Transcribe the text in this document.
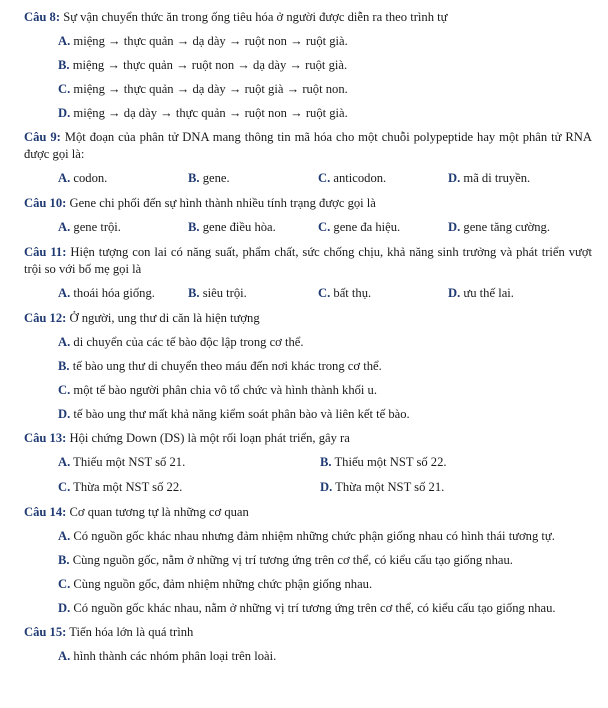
Câu 8: Sự vận chuyển thức ăn trong ống tiêu hóa ở người được diễn ra theo trình tự

A. miệng → thực quản → dạ dày → ruột non → ruột già.

B. miệng → thực quản → ruột non → dạ dày → ruột già.

C. miệng → thực quản → dạ dày → ruột già → ruột non.

D. miệng → dạ dày → thực quản → ruột non → ruột già.

Câu 9: Một đoạn của phân tử DNA mang thông tin mã hóa cho một chuỗi polypeptide hay một phân tử RNA được gọi là:

A. codon.	B. gene.	C. anticodon.	D. mã di truyền.

Câu 10: Gene chi phối đến sự hình thành nhiều tính trạng được gọi là

A. gene trội.	B. gene điều hòa.	C. gene đa hiệu.	D. gene tăng cường.

Câu 11: Hiện tượng con lai có năng suất, phẩm chất, sức chống chịu, khả năng sinh trưởng và phát triển vượt trội so với bố mẹ gọi là

A. thoái hóa giống.	B. siêu trội.	C. bất thụ.	D. ưu thế lai.

Câu 12: Ở người, ung thư di căn là hiện tượng

A. di chuyển của các tế bào độc lập trong cơ thể.

B. tế bào ung thư di chuyển theo máu đến nơi khác trong cơ thể.

C. một tế bào người phân chia vô tổ chức và hình thành khối u.

D. tế bào ung thư mất khả năng kiểm soát phân bào và liên kết tế bào.

Câu 13: Hội chứng Down (DS) là một rối loạn phát triển, gây ra

A. Thiếu một NST số 21.	B. Thiếu một NST số 22.
C. Thừa một NST số 22.	D. Thừa một NST số 21.

Câu 14: Cơ quan tương tự là những cơ quan

A. Có nguồn gốc khác nhau nhưng đảm nhiệm những chức phận giống nhau có hình thái tương tự.

B. Cùng nguồn gốc, nằm ở những vị trí tương ứng trên cơ thể, có kiểu cấu tạo giống nhau.

C. Cùng nguồn gốc, đảm nhiệm những chức phận giống nhau.

D. Có nguồn gốc khác nhau, nằm ở những vị trí tương ứng trên cơ thể, có kiểu cấu tạo giống nhau.

Câu 15: Tiến hóa lớn là quá trình

A. hình thành các nhóm phân loại trên loài.
